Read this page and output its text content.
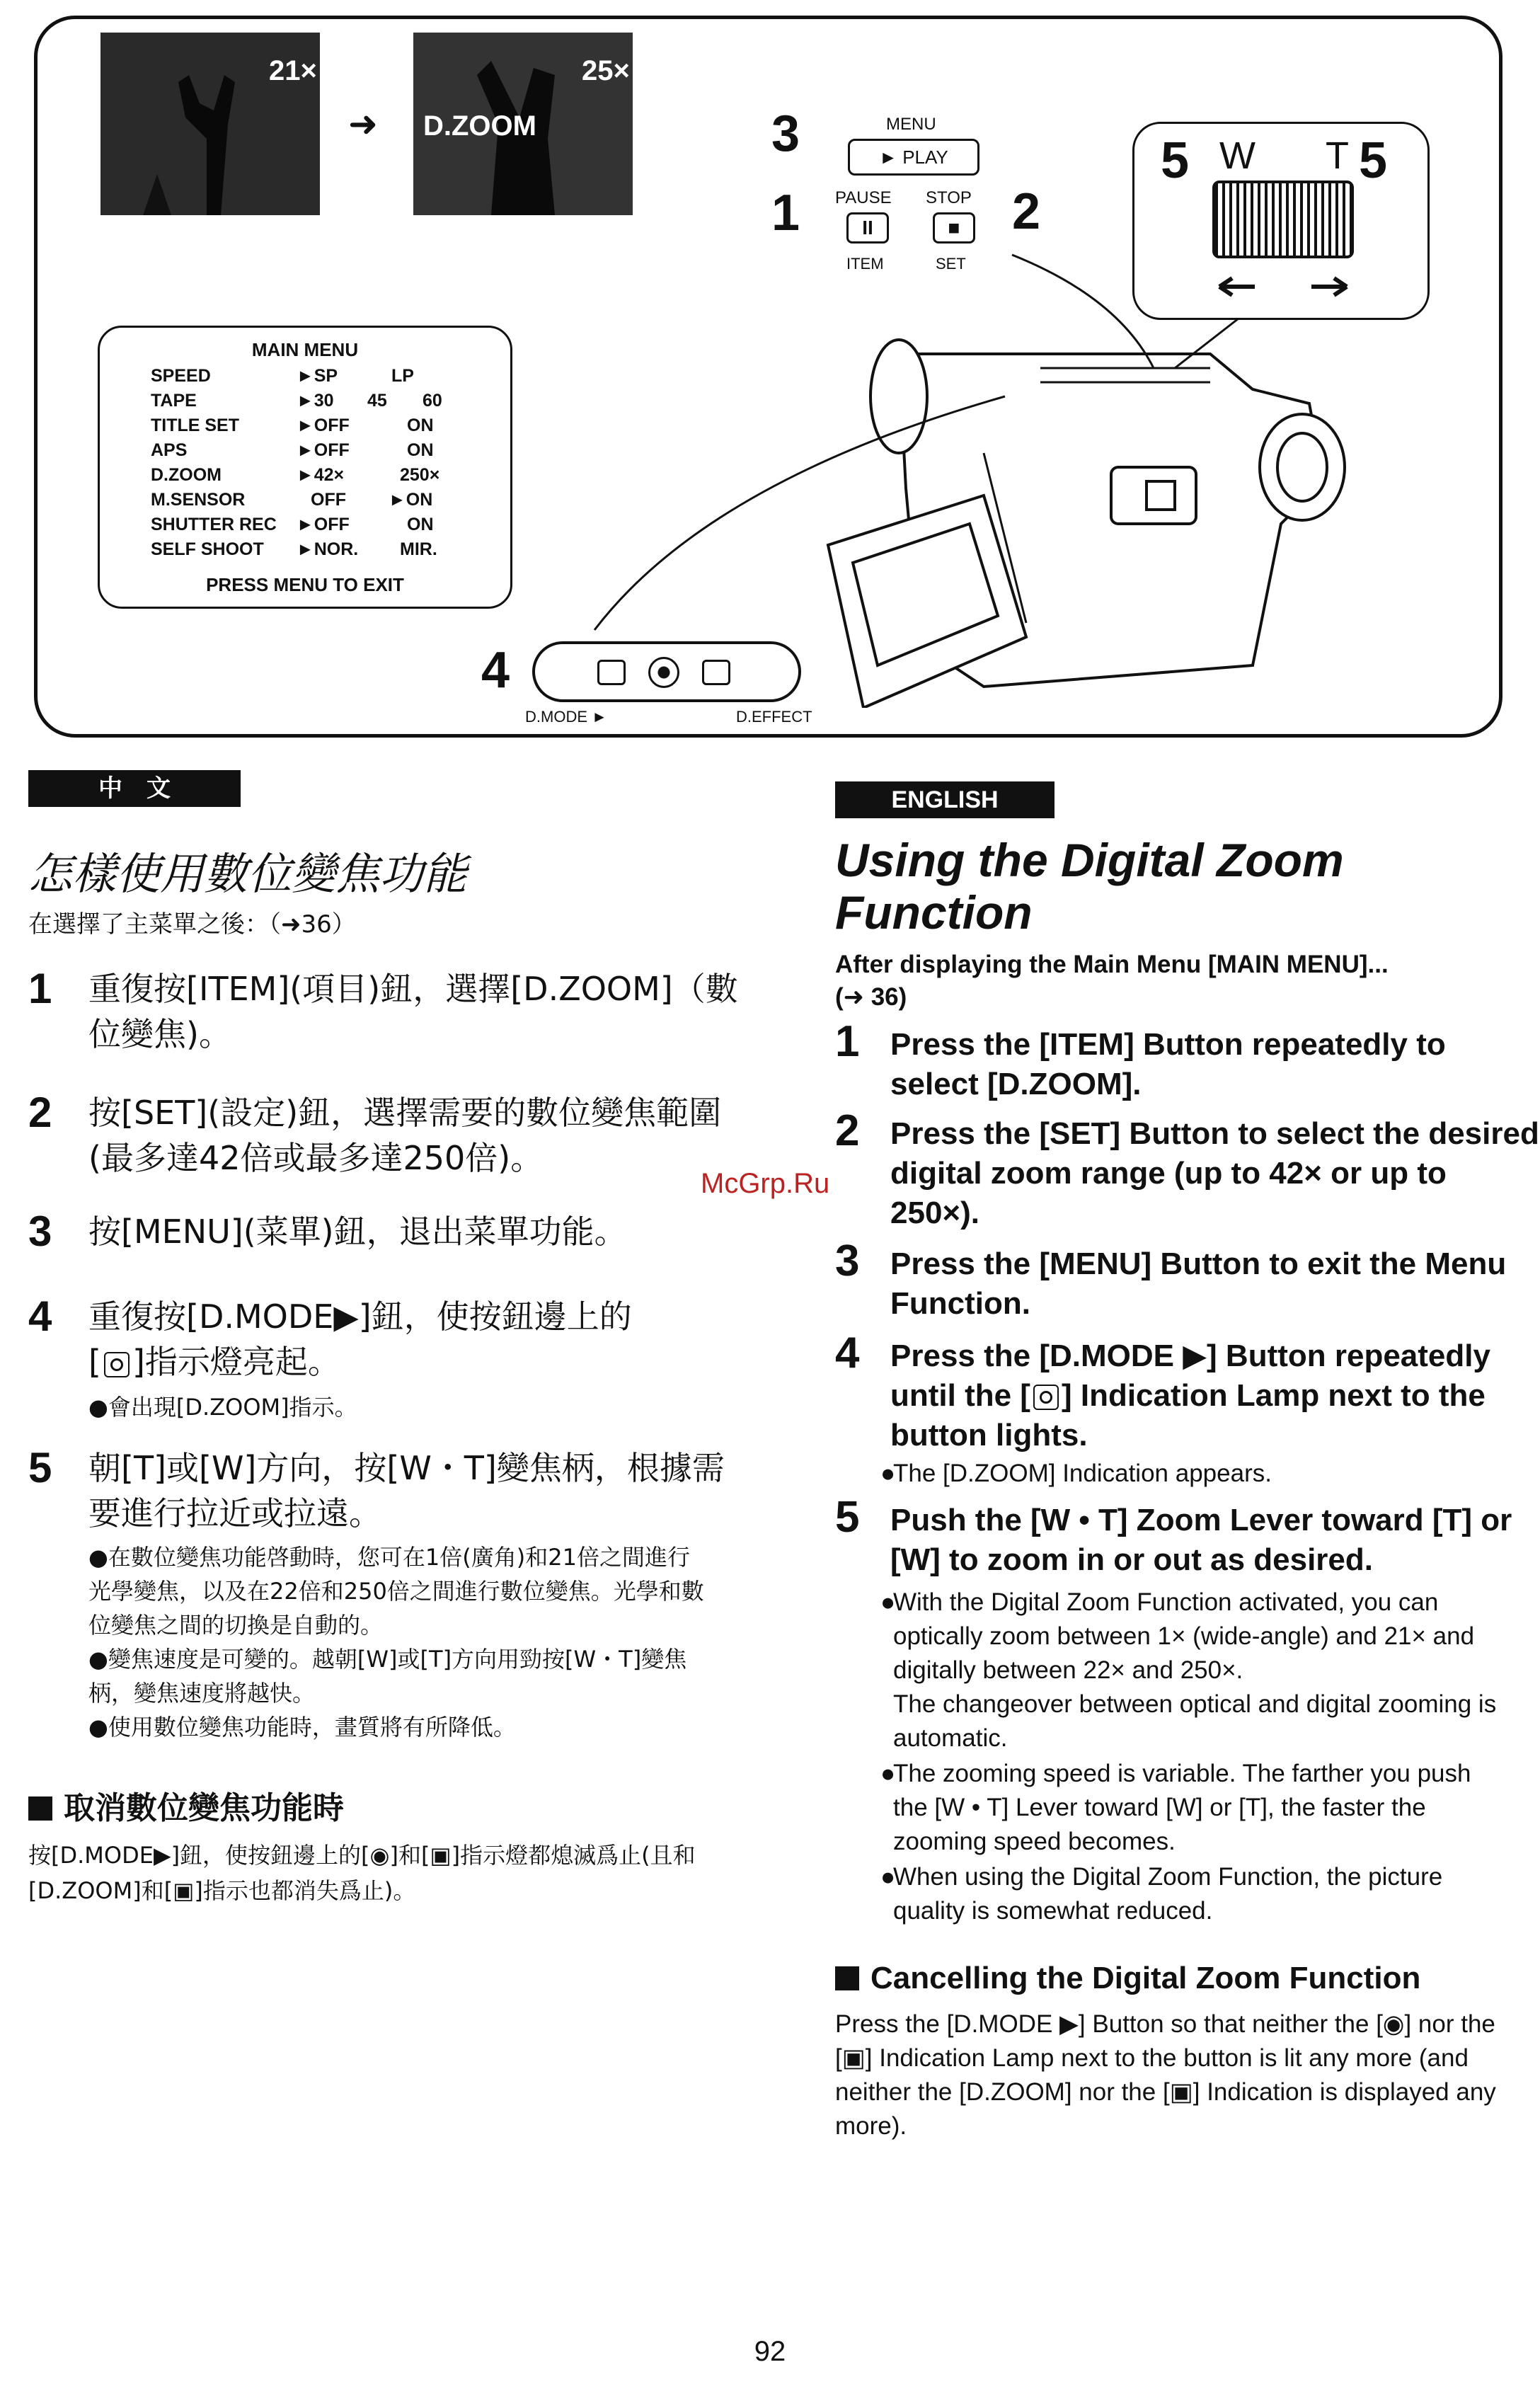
21×
➜
25×
D.ZOOM	3
1	2
5	5
4
MENU
► PLAY
PAUSE STOP
II	■
ITEM	SET
W T
MAIN MENU
SPEED	►SP	LP
TAPE	►30 45 60
TITLE SET	►OFF	ON
APS	►OFF	ON
D.ZOOM	►42×	250×
M.SENSOR	OFF ►ON
SHUTTER REC ►OFF	ON
SELF SHOOT ►NOR. MIR.
PRESS MENU TO EXIT
D.MODE ►	D.EFFECT
中　文
怎樣使用數位變焦功能
在選擇了主菜單之後：（➜36）
1 重復按[ITEM](項目)鈕，選擇[D.ZOOM]（數位變焦)。
2 按[SET](設定)鈕，選擇需要的數位變焦範圍(最多達42倍或最多達250倍)。
3 按[MENU](菜單)鈕，退出菜單功能。
4 重復按[D.MODE▶]鈕，使按鈕邊上的
[ ]指示燈亮起。
●會出現[D.ZOOM]指示。
5 朝[T]或[W]方向，按[W・T]變焦柄，根據需要進行拉近或拉遠。
●在數位變焦功能啓動時，您可在1倍(廣角)和21倍之間進行光學變焦，以及在22倍和250倍之間進行數位變焦。光學和數位變焦之間的切換是自動的。
●變焦速度是可變的。越朝[W]或[T]方向用勁按[W・T]變焦柄，變焦速度將越快。
●使用數位變焦功能時，畫質將有所降低。
取消數位變焦功能時
按[D.MODE▶]鈕，使按鈕邊上的[◉]和[▣]指示燈都熄滅爲止(且和[D.ZOOM]和[▣]指示也都消失爲止)。
ENGLISH
Using the Digital Zoom Function
After displaying the Main Menu [MAIN MENU]...
(➜ 36)
1 Press the [ITEM] Button repeatedly to select [D.ZOOM].
2 Press the [SET] Button to select the desired digital zoom range (up to 42× or up to 250×).
3 Press the [MENU] Button to exit the Menu Function.
4 Press the [D.MODE ▶] Button repeatedly until the [ ] Indication Lamp next to the button lights.
●
The [D.ZOOM] Indication appears.
5 Push the [W • T] Zoom Lever toward [T] or [W] to zoom in or out as desired.
●
With the Digital Zoom Function activated, you can optically zoom between 1× (wide-angle) and 21× and digitally between 22× and 250×.
The changeover between optical and digital zooming is automatic.
●
The zooming speed is variable. The farther you push the [W • T] Lever toward [W] or [T], the faster the zooming speed becomes.
●
When using the Digital Zoom Function, the picture quality is somewhat reduced.
Cancelling the Digital Zoom Function
Press the [D.MODE ▶] Button so that neither the [◉] nor the [▣] Indication Lamp next to the button is lit any more (and neither the [D.ZOOM] nor the [▣] Indication is displayed any more).
McGrp.Ru
92
